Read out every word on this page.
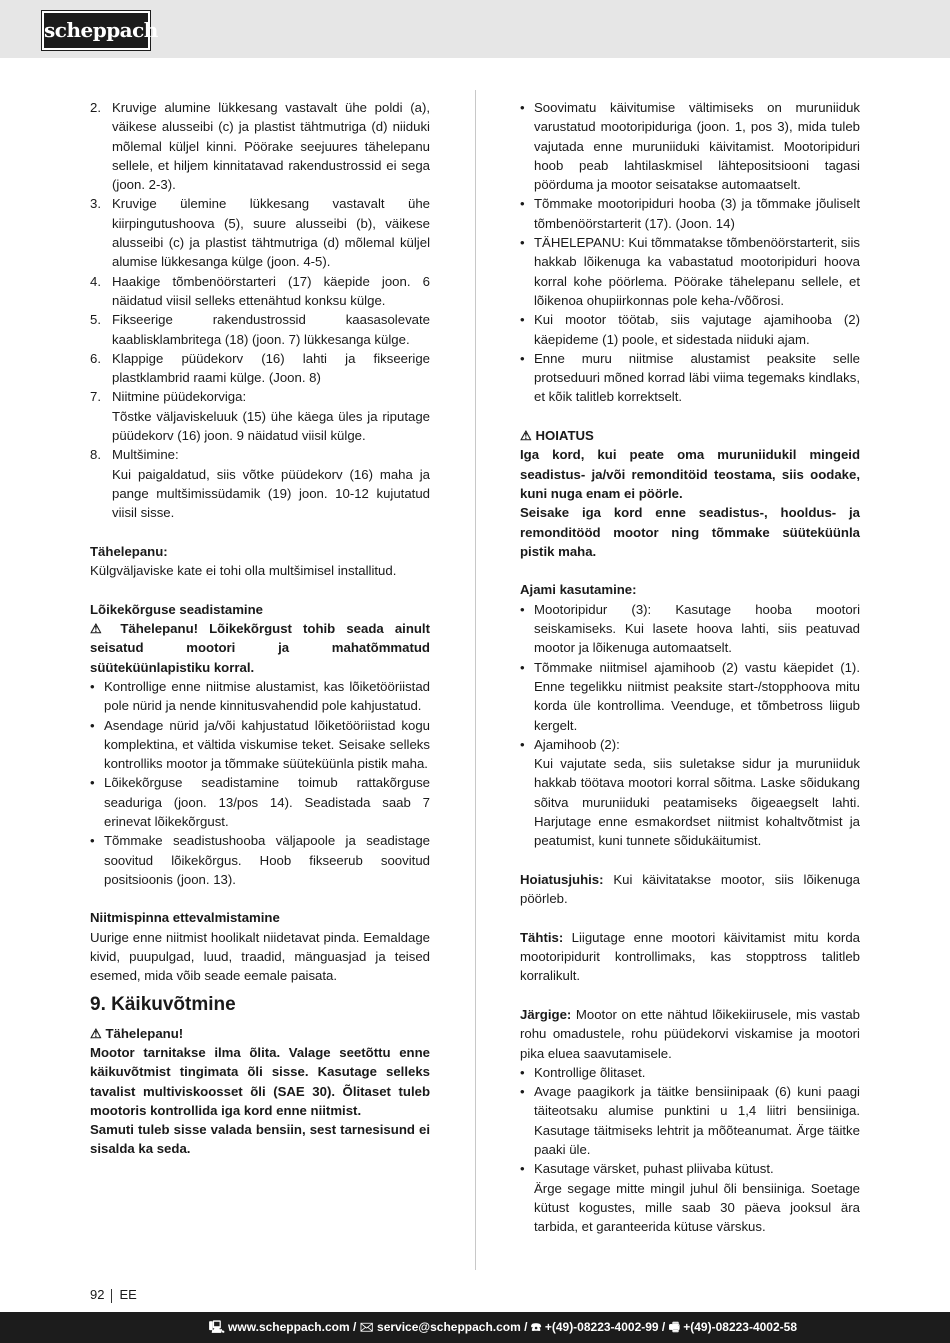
scheppach
2. Kruvige alumine lükkesang vastavalt ühe poldi (a), väikese alusseibi (c) ja plastist tähtmutriga (d) niiduki mõlemal küljel kinni. Pöörake seejuures tähelepanu sellele, et hiljem kinnitatavad rakendustrossid ei sega (joon. 2-3).
3. Kruvige ülemine lükkesang vastavalt ühe kiirpingutushoova (5), suure alusseibi (b), väikese alusseibi (c) ja plastist tähtmutriga (d) mõlemal küljel alumise lükkesanga külge (joon. 4-5).
4. Haakige tõmbenöörstarteri (17) käepide joon. 6 näidatud viisil selleks ettenähtud konksu külge.
5. Fikseerige rakendustrossid kaasasolevate kaablisklambritega (18) (joon. 7) lükkesanga külge.
6. Klappige püüdekorv (16) lahti ja fikseerige plastklambrid raami külge. (Joon. 8)
7. Niitmine püüdekorviga:
Tõstke väljaviskeluuk (15) ühe käega üles ja riputage püüdekorv (16) joon. 9 näidatud viisil külge.
8. Multšimine:
Kui paigaldatud, siis võtke püüdekorv (16) maha ja pange multšimissüdamik (19) joon. 10-12 kujutatud viisil sisse.

Tähelepanu:

Külgväljaviske kate ei tohi olla multšimisel installitud.

Lõikekõrguse seadistamine

⚠ Tähelepanu! Lõikekõrgust tohib seada ainult seisatud mootori ja mahatõmmatud süüteküünlapistiku korral.

• Kontrollige enne niitmise alustamist, kas lõiketööriistad pole nürid ja nende kinnitusvahendid pole kahjustatud.
• Asendage nürid ja/või kahjustatud lõiketööriistad kogu komplektina, et vältida viskumise teket. Seisake selleks kontrolliks mootor ja tõmmake süüteküünla pistik maha.
• Lõikekõrguse seadistamine toimub rattakõrguse seaduriga (joon. 13/pos 14). Seadistada saab 7 erinevat lõikekõrgust.
• Tõmmake seadistushooba väljapoole ja seadistage soovitud lõikekõrgus. Hoob fikseerub soovitud positsioonis (joon. 13).

Niitmispinna ettevalmistamine

Uurige enne niitmist hoolikalt niidetavat pinda. Eemaldage kivid, puupulgad, luud, traadid, mänguasjad ja teised esemed, mida võib seade eemale paisata.

9. Käikuvõtmine

⚠ Tähelepanu!

Mootor tarnitakse ilma õlita. Valage seetõttu enne käikuvõtmist tingimata õli sisse. Kasutage selleks tavalist multiviskoosset õli (SAE 30). Õlitaset tuleb mootoris kontrollida iga kord enne niitmist.

Samuti tuleb sisse valada bensiin, sest tarnesisund ei sisalda ka seda.

• Soovimatu käivitumise vältimiseks on muruniiduk varustatud mootoripiduriga (joon. 1, pos 3), mida tuleb vajutada enne muruniiduki käivitamist. Mootoripiduri hoob peab lahtilaskmisel lähtepositsiooni tagasi pöörduma ja mootor seisatakse automaatselt.
• Tõmmake mootoripiduri hooba (3) ja tõmmake jõuliselt tõmbenöörstarterit (17). (Joon. 14)
• TÄHELEPANU: Kui tõmmatakse tõmbenöörstarterit, siis hakkab lõikenuga ka vabastatud mootoripiduri hoova korral kohe pöörlema. Pöörake tähelepanu sellele, et lõikenoa ohupiirkonnas pole keha-/võõrosi.
• Kui mootor töötab, siis vajutage ajamihooba (2) käepideme (1) poole, et sidestada niiduki ajam.
• Enne muru niitmise alustamist peaksite selle protseduuri mõned korrad läbi viima tegemaks kindlaks, et kõik talitleb korrektselt.

⚠ HOIATUS

Iga kord, kui peate oma muruniidukil mingeid seadistus- ja/või remonditöid teostama, siis oodake, kuni nuga enam ei pöörle.

Seisake iga kord enne seadistus-, hooldus- ja remonditööd mootor ning tõmmake süüteküünla pistik maha.

Ajami kasutamine:

• Mootoripidur (3): Kasutage hooba mootori seiskamiseks. Kui lasete hoova lahti, siis peatuvad mootor ja lõikenuga automaatselt.
• Tõmmake niitmisel ajamihoob (2) vastu käepidet (1). Enne tegelikku niitmist peaksite start-/stopphoova mitu korda üle kontrollima. Veenduge, et tõmbetross liigub kergelt.
• Ajamihoob (2):
Kui vajutate seda, siis suletakse sidur ja muruniiduk hakkab töötava mootori korral sõitma. Laske sõidukang sõitva muruniiduki peatamiseks õigeaegselt lahti. Harjutage enne esmakordset niitmist kohaltvõtmist ja peatumist, kuni tunnete sõidukäitumist.

Hoiatusjuhis: Kui käivitatakse mootor, siis lõikenuga pöörleb.

Tähtis: Liigutage enne mootori käivitamist mitu korda mootoripidurit kontrollimaks, kas stopptross talitleb korralikult.

Järgige: Mootor on ette nähtud lõikekiirusele, mis vastab rohu omadustele, rohu püüdekorvi viskamise ja mootori pika eluea saavutamisele.

• Kontrollige õlitaset.
• Avage paagikork ja täitke bensiinipaak (6) kuni paagi täiteotsaku alumise punktini u 1,4 liitri bensiiniga. Kasutage täitmiseks lehtrit ja mõõteanumat. Ärge täitke paaki üle.
• Kasutage värsket, puhast pliivaba kütust.
Ärge segage mitte mingil juhul õli bensiiniga. Soetage kütust kogustes, mille saab 30 päeva jooksul ära tarbida, et garanteerida kütuse värskus.
92 EE
🖳 www.scheppach.com / 🖂 service@scheppach.com / ☎ +(49)-08223-4002-99 / 🖷 +(49)-08223-4002-58
